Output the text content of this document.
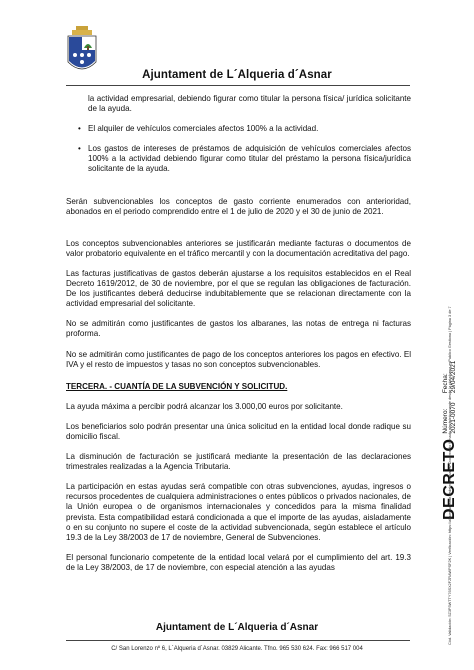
Ajuntament de L´Alqueria d´Asnar

la actividad empresarial, debiendo figurar como titular la persona física/ jurídica solicitante de la ayuda.

• El alquiler de vehículos comerciales afectos 100% a la actividad.

• Los gastos de intereses de préstamos de adquisición de vehículos comerciales afectos 100% a la actividad debiendo figurar como titular del préstamo la persona física/jurídica solicitante de la ayuda.

Serán subvencionables los conceptos de gasto corriente enumerados con anterioridad, abonados en el periodo comprendido entre el 1 de julio de 2020 y el 30 de junio de 2021.

Los conceptos subvencionables anteriores se justificarán mediante facturas o documentos de valor probatorio equivalente en el tráfico mercantil y con la documentación acreditativa del pago.

Las facturas justificativas de gastos deberán ajustarse a los requisitos establecidos en el Real Decreto 1619/2012, de 30 de noviembre, por el que se regulan las obligaciones de facturación. De los justificantes deberá deducirse indubitablemente que se relacionan directamente con la actividad empresarial del solicitante.

No se admitirán como justificantes de gastos los albaranes, las notas de entrega ni facturas proforma.

No se admitirán como justificantes de pago de los conceptos anteriores los pagos en efectivo. El IVA y el resto de impuestos y tasas no son conceptos subvencionables.

TERCERA. - CUANTÍA DE LA SUBVENCIÓN Y SOLICITUD.

La ayuda máxima a percibir podrá alcanzar los 3.000,00 euros por solicitante.

Los beneficiarios solo podrán presentar una única solicitud en la entidad local donde radique su domicilio fiscal.

La disminución de facturación se justificará mediante la presentación de las declaraciones trimestrales realizadas a la Agencia Tributaria.

La participación en estas ayudas será compatible con otras subvenciones, ayudas, ingresos o recursos procedentes de cualquiera administraciones o entes públicos o privados nacionales, de la Unión europea o de organismos internacionales y concedidos para la misma finalidad prevista. Esta compatibilidad estará condicionada a que el importe de las ayudas, aisladamente o en su conjunto no supere el coste de la actividad subvencionada, según establece el artículo 19.3 de la Ley 38/2003 de 17 de noviembre, General de Subvenciones.

El personal funcionario competente de la entidad local velará por el cumplimiento del art. 19.3 de la Ley 38/2003, de 17 de noviembre, con especial atención a las ayudas

Ajuntament de L´Alqueria d´Asnar
C/ San Lorenzo nº 6, L´Alqueria d´Asnar. 03829 Alicante. Tfno. 965 530 624. Fax: 966 517 004
DECRETO
Número: 2021-0070
Fecha: 29/04/2021
Cód. Validación: 5Z3P3WTTY76SX2FZRAWPSF2K | Verificación: https://alqueriadasnar.sedelectronica.es/ Documento firmado electrónicamente desde la plataforma esPublico Gestiona | Página 3 de 7
